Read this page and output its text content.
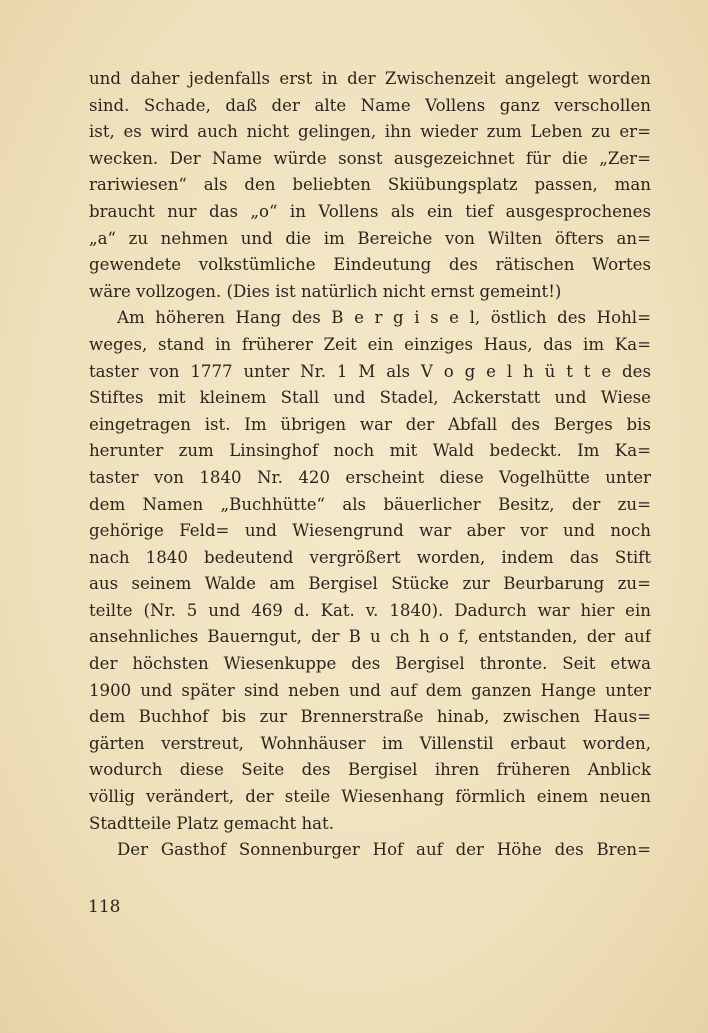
und daher jedenfalls erst in der Zwischenzeit angelegt worden
sind. Schade, daß der alte Name Vollens ganz verschollen
ist, es wird auch nicht gelingen, ihn wieder zum Leben zu er=
wecken. Der Name würde sonst ausgezeichnet für die „Zer=
rariwiesen“ als den beliebten Skiübungsplatz passen, man
braucht nur das „o“ in Vollens als ein tief ausgesprochenes
„a“ zu nehmen und die im Bereiche von Wilten öfters an=
gewendete volkstümliche Eindeutung des rätischen Wortes
wäre vollzogen. (Dies ist natürlich nicht ernst gemeint!)
Am höheren Hang des B e r g i s e l, östlich des Hohl=
weges, stand in früherer Zeit ein einziges Haus, das im Ka=
taster von 1777 unter Nr. 1 M als V o g e l h ü t t e des
Stiftes mit kleinem Stall und Stadel, Ackerstatt und Wiese
eingetragen ist. Im übrigen war der Abfall des Berges bis
herunter zum Linsinghof noch mit Wald bedeckt. Im Ka=
taster von 1840 Nr. 420 erscheint diese Vogelhütte unter
dem Namen „Buchhütte“ als bäuerlicher Besitz, der zu=
gehörige Feld= und Wiesengrund war aber vor und noch
nach 1840 bedeutend vergrößert worden, indem das Stift
aus seinem Walde am Bergisel Stücke zur Beurbarung zu=
teilte (Nr. 5 und 469 d. Kat. v. 1840). Dadurch war hier ein
ansehnliches Bauerngut, der B u ch h o f, entstanden, der auf
der höchsten Wiesenkuppe des Bergisel thronte. Seit etwa
1900 und später sind neben und auf dem ganzen Hange unter
dem Buchhof bis zur Brennerstraße hinab, zwischen Haus=
gärten verstreut, Wohnhäuser im Villenstil erbaut worden,
wodurch diese Seite des Bergisel ihren früheren Anblick
völlig verändert, der steile Wiesenhang förmlich einem neuen
Stadtteile Platz gemacht hat.
Der Gasthof Sonnenburger Hof auf der Höhe des Bren=
118
